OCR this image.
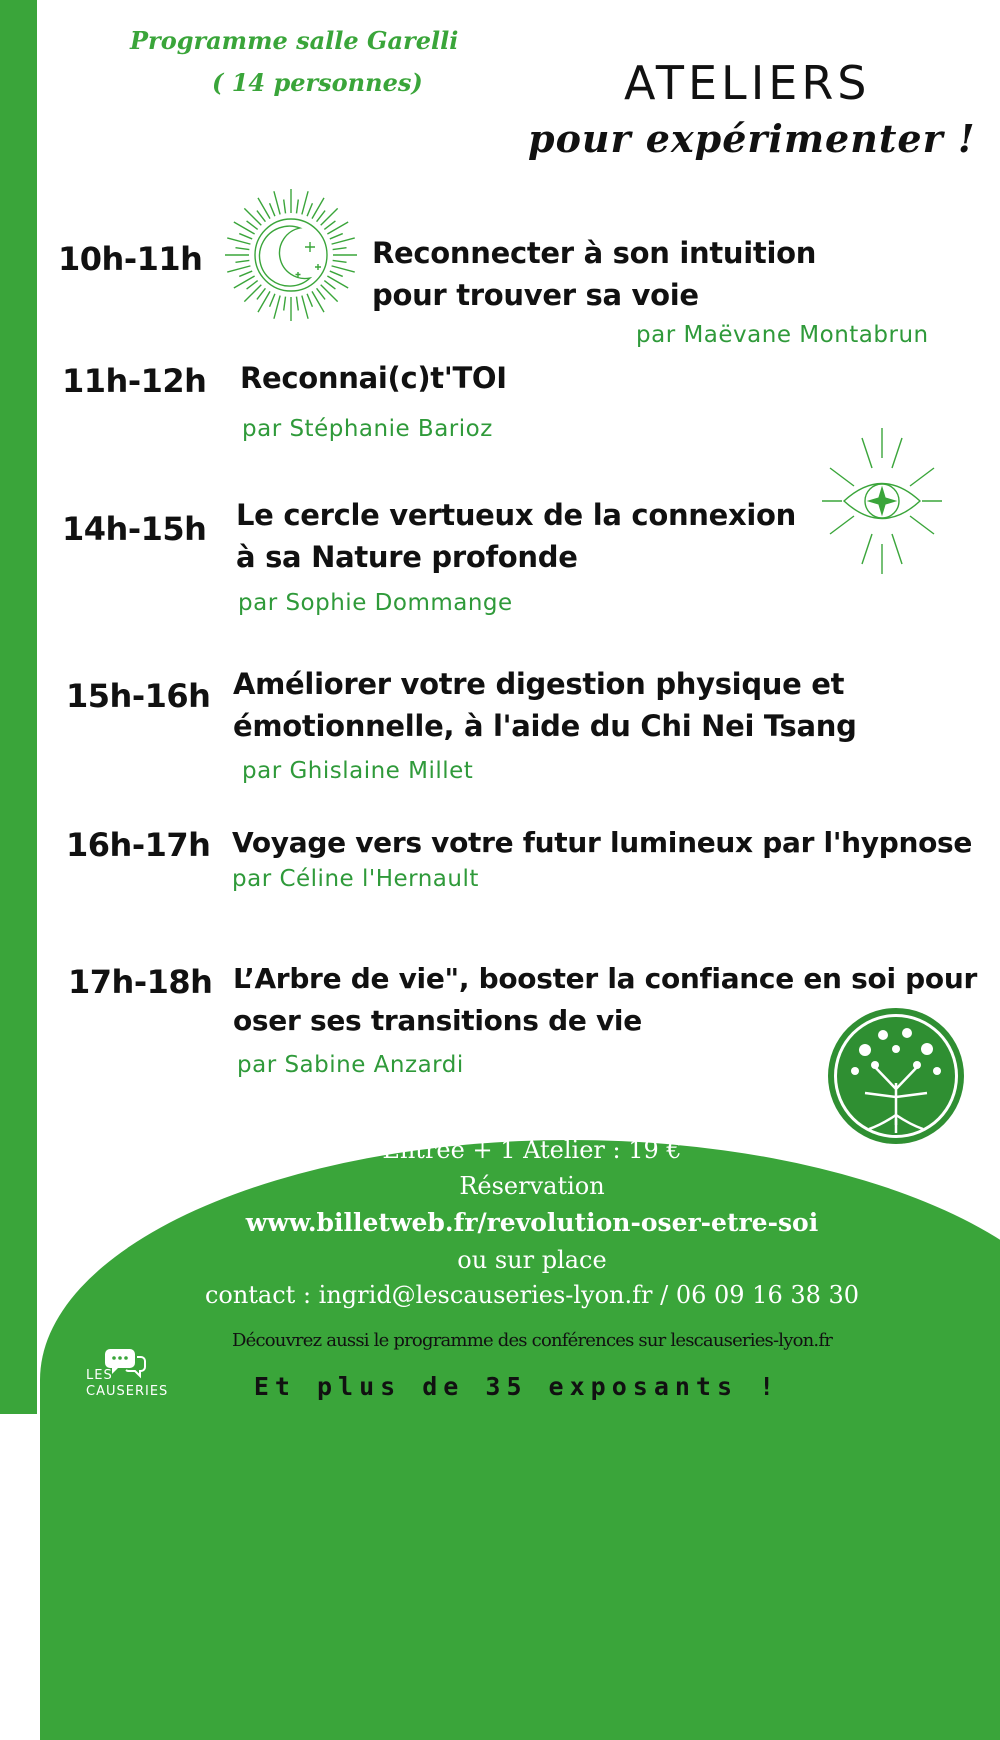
Programme salle Garelli
( 14 personnes)	ATELIERS
pour expérimenter !
10h-11h	Reconnecter à son intuition
pour trouver sa voie
par Maëvane Montabrun
11h-12h Reconnai(c)t'TOI
par Stéphanie Barioz
14h-15h Le cercle vertueux de la connexion
à sa Nature profonde
par Sophie Dommange
15h-16h Améliorer votre digestion physique et
émotionnelle, à l'aide du Chi Nei Tsang
par Ghislaine Millet
16h-17h Voyage vers votre futur lumineux par l'hypnose
par Céline l'Hernault
17h-18h L’Arbre de vie", booster la confiance en soi pour
oser ses transitions de vie
par Sabine Anzardi
Entrée + 1 Atelier : 19 €
Réservation
www.billetweb.fr/revolution-oser-etre-soi
ou sur place
contact : ingrid@lescauseries-lyon.fr / 06 09 16 38 30
Découvrez aussi le programme des conférences sur lescauseries-lyon.fr
Et plus de 35 exposants !
LES
CAUSERIES
